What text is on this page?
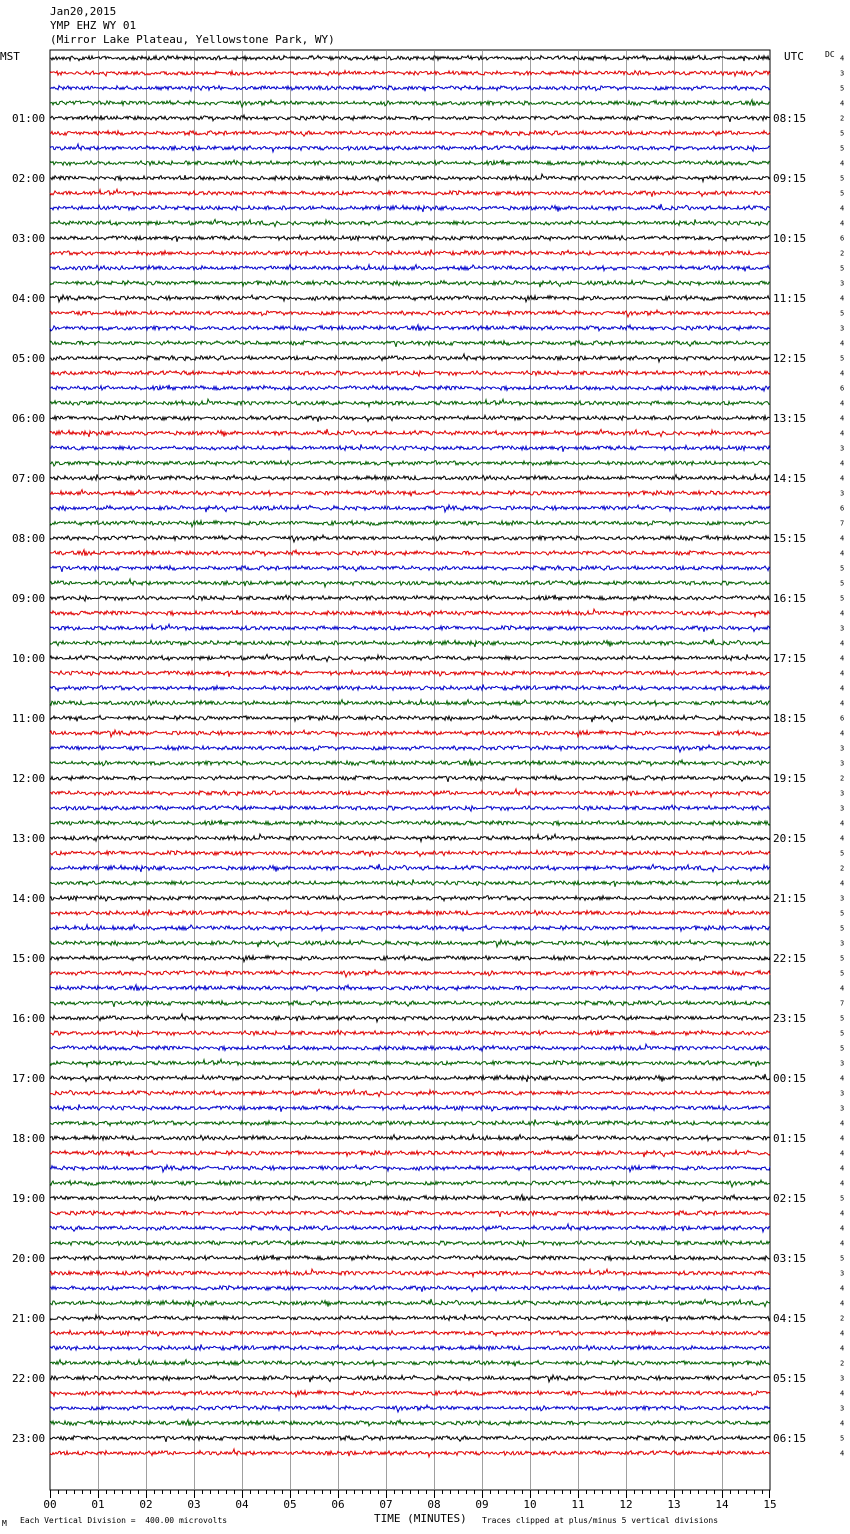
Jan20,2015
YMP EHZ WY 01
(Mirror Lake Plateau, Yellowstone Park, WY)
MST	UTC	DC 4
3
5
4
2
5
5
4
5
5
4
4
6
2
5
3
4
5
3
4
5
4
6
4
4
4
3
4
4
3
6
7
4
4
5
5
5
4
3
4
4
4
4
4
6
4
3
3
2
3
3
4
4
5
2
4
3
5
5
3
5
5
4
7
5
5
5
3
4
3
3
4
4
4
4
4
5
4
4
4
5
3
4
4
2
4
4
2
3
4
3
4
5
4
01:00	08:15
02:00	09:15
03:00	10:15
04:00	11:15
05:00	12:15
06:00	13:15
07:00	14:15
08:00	15:15
09:00	16:15
10:00	17:15
11:00	18:15
12:00	19:15
13:00	20:15
14:00	21:15
15:00	22:15
16:00	23:15
17:00	00:15
18:00	01:15
19:00	02:15
20:00	03:15
21:00	04:15
22:00	05:15
23:00	06:15
00	01	02	03	04	05	06	07	08	09	10	11	12	13	14	15
M Each Vertical Division =  400.00 microvolts	TIME (MINUTES) Traces clipped at plus/minus 5 vertical divisions
